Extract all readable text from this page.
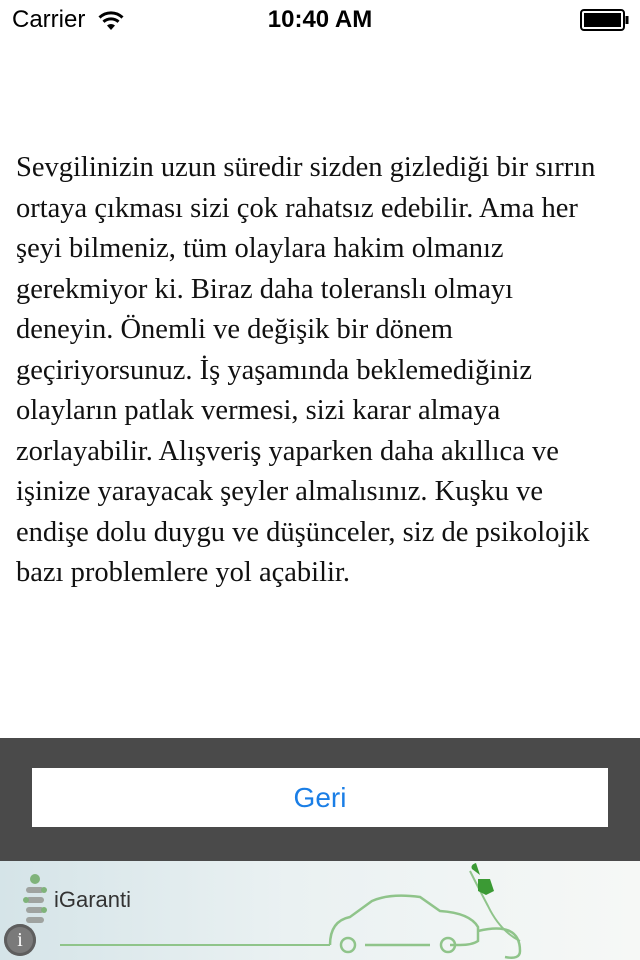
Carrier	10:40 AM
Sevgilinizin uzun süredir sizden gizlediği bir sırrın ortaya çıkması sizi çok rahatsız edebilir. Ama her şeyi bilmeniz, tüm olaylara hakim olmanız gerekmiyor ki. Biraz daha toleranslı olmayı deneyin. Önemli ve değişik bir dönem geçiriyorsunuz. İş yaşamında beklemediğiniz olayların patlak vermesi, sizi karar almaya zorlayabilir. Alışveriş yaparken daha akıllıca ve işinize yarayacak şeyler almalısınız. Kuşku ve endişe dolu duygu ve düşünceler, siz de psikolojik bazı problemlere yol açabilir.
Geri
iGaranti
i
